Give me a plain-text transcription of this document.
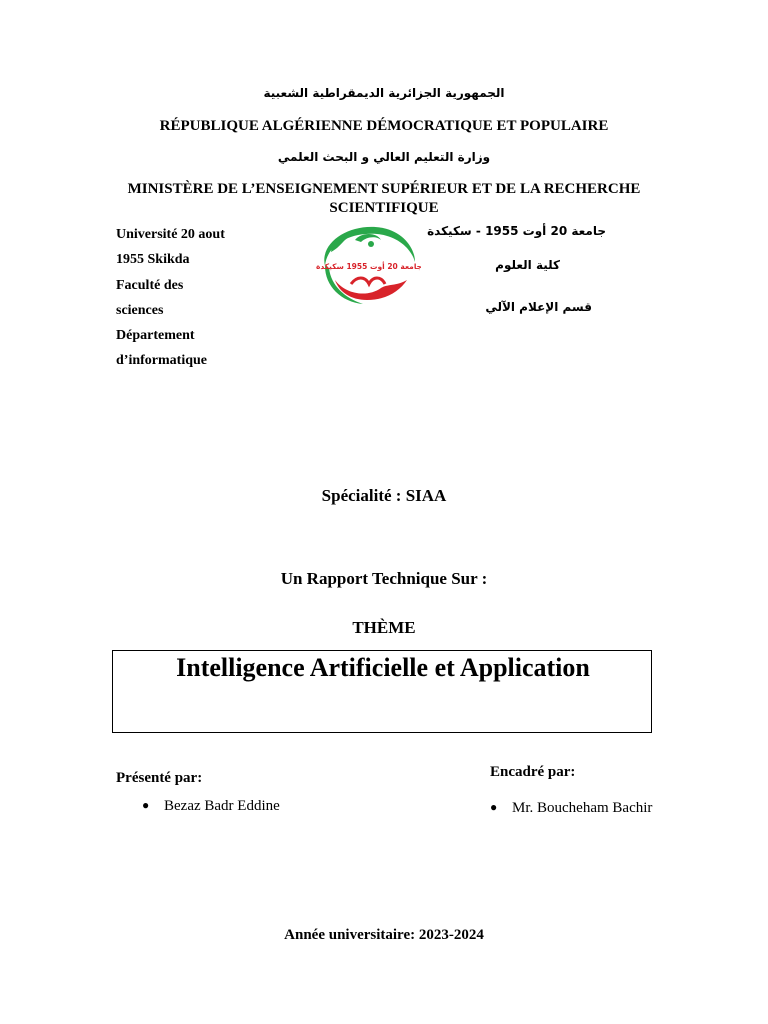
الجمهورية الجزائرية الديمقراطية الشعبية
RÉPUBLIQUE ALGÉRIENNE DÉMOCRATIQUE ET POPULAIRE
وزارة التعليم العالي و البحث العلمي
MINISTÈRE DE L’ENSEIGNEMENT SUPÉRIEUR ET DE LA RECHERCHE
SCIENTIFIQUE
Université 20 aout
1955 Skikda
Faculté des
sciences
Département
d’informatique
جامعة 20 أوت 1955 سكيكدة
جامعة 20 أوت 1955 - سكيكدة
كلية العلوم
قسم الإعلام الآلي
Spécialité : SIAA
Un Rapport Technique Sur :
THÈME
Intelligence Artificielle et Application
Présenté par:
● Bezaz Badr Eddine
Encadré par:
● Mr. Boucheham Bachir
Année universitaire: 2023-2024
